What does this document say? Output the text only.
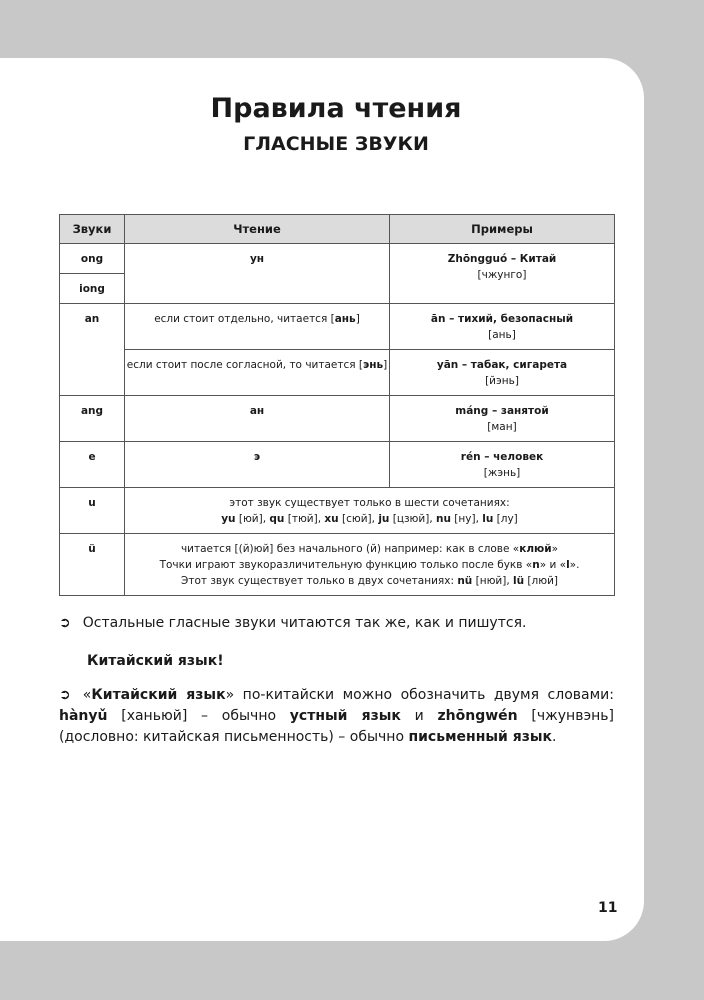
Правила чтения
ГЛАСНЫЕ ЗВУКИ
Звуки	Чтение	Примеры
ong	ун	Zhōngguó – Китай
[чжунго]

iong		
an	если стоит отдельно, читается [ань]	ān – тихий, безопасный
[ань]

	если стоит после согласной, то читается [энь]	yān – табак, сигарета
[йэнь]

ang	ан	máng – занятой
[ман]

e	э	rén – человек
[жэнь]

u	этот звук существует только в шести сочетаниях:
yu [юй], qu [тюй], xu [сюй], ju [цзюй], nu [ну], lu [лу]	

ü	читается [(й)юй] без начального (й) например: как в слове «клюй»
Точки играют звукоразличительную функцию только после букв «n» и «l».
Этот звук существует только в двух сочетаниях: nü [нюй], lü [люй]	

➲ Остальные гласные звуки читаются так же, как и пишутся.

Китайский язык!

➲ «Китайский язык» по-китайски можно обозначить двумя словами: hànyǔ [ханьюй] – обычно устный язык и zhōngwén [чжунвэнь] (дословно: китайская письменность) – обычно письменный язык.

11
